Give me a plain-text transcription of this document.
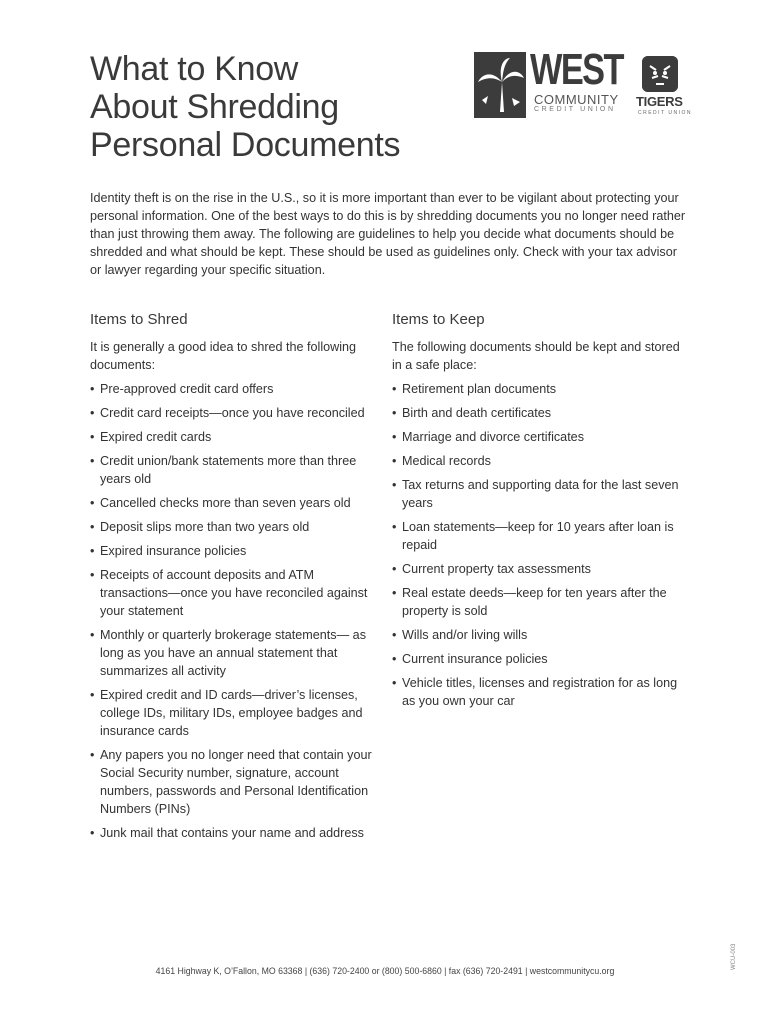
What to Know
About Shredding
Personal Documents
WEST
COMMUNITY
CREDIT UNION
TIGERS
CREDIT UNION

Identity theft is on the rise in the U.S., so it is more important than ever to be vigilant about protecting your personal information. One of the best ways to do this is by shredding documents you no longer need rather than just throwing them away. The following are guidelines to help you decide what documents should be shredded and what should be kept. These should be used as guidelines only. Check with your tax advisor or lawyer regarding your specific situation.

Items to Shred

It is generally a good idea to shred the following documents:

• Pre-approved credit card offers
• Credit card receipts—once you have reconciled
• Expired credit cards
• Credit union/bank statements more than three years old
• Cancelled checks more than seven years old
• Deposit slips more than two years old
• Expired insurance policies
• Receipts of account deposits and ATM transactions—once you have reconciled against your statement
• Monthly or quarterly brokerage statements— as long as you have an annual statement that summarizes all activity
• Expired credit and ID cards—driver’s licenses, college IDs, military IDs, employee badges and insurance cards
• Any papers you no longer need that contain your Social Security number, signature, account numbers, passwords and Personal Identification Numbers (PINs)
• Junk mail that contains your name and address
Items to Keep

The following documents should be kept and stored in a safe place:

• Retirement plan documents
• Birth and death certificates
• Marriage and divorce certificates
• Medical records
• Tax returns and supporting data for the last seven years
• Loan statements—keep for 10 years after loan is repaid
• Current property tax assessments
• Real estate deeds—keep for ten years after the property is sold
• Wills and/or living wills
• Current insurance policies
• Vehicle titles, licenses and registration for as long as you own your car
4161 Highway K, O’Fallon, MO 63368 | (636) 720-2400 or (800) 500-6860 | fax (636) 720-2491 | westcommunitycu.org
WCU-003
